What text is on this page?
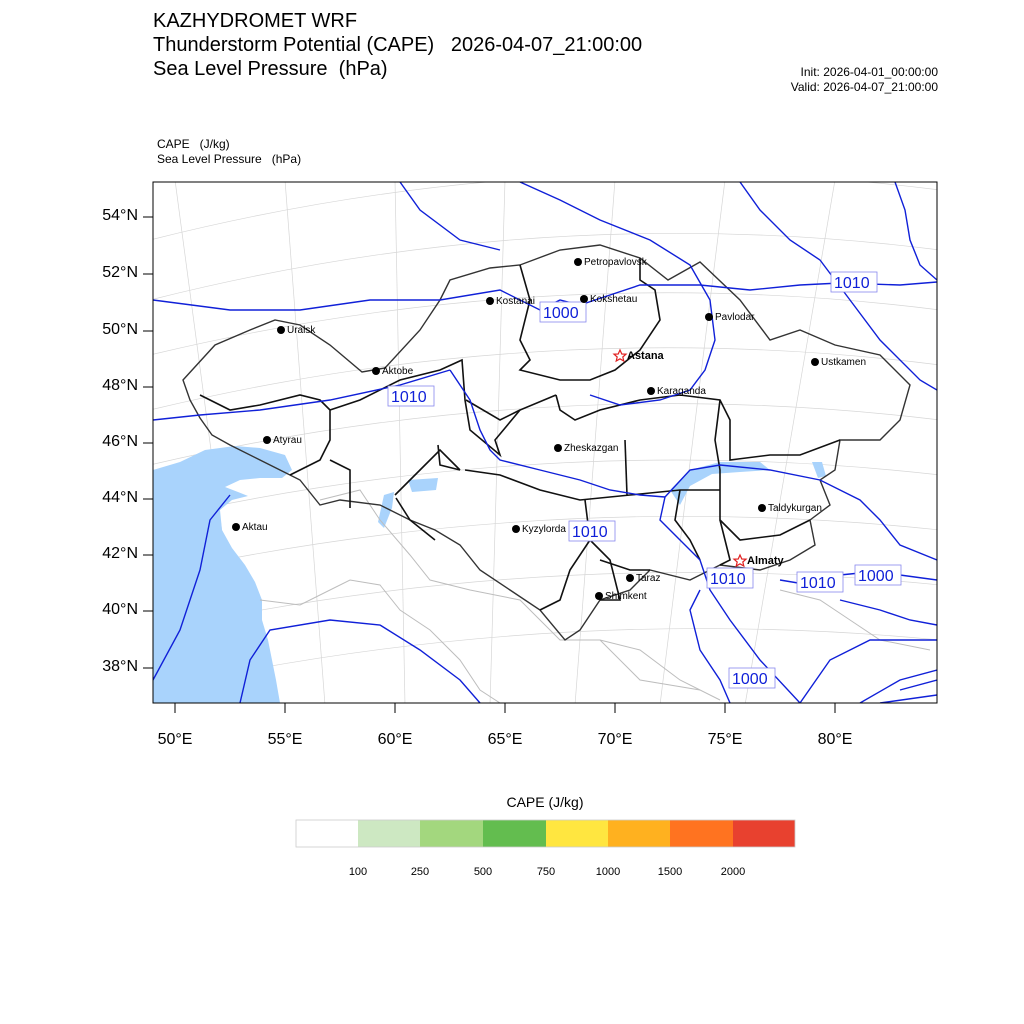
KAZHYDROMET WRF
Thunderstorm Potential (CAPE)   2026-04-07_21:00:00
Sea Level Pressure  (hPa)	Init: 2026-04-01_00:00:00
Valid: 2026-04-07_21:00:00
CAPE   (J/kg)
Sea Level Pressure   (hPa)
1000
1010
1010
1010
1010	1010 1000
1000
Petropavlovsk
Kostanai	Kokshetau
Pavlodar
Uralsk
Astana
Ustkamen
Aktobe
Karaganda
Atyrau
Zheskazgan
Taldykurgan
Aktau	Kyzylorda
Almaty
Taraz
Shimkent
54°N
52°N
50°N
48°N
46°N
44°N
42°N
40°N
38°N
50°E	55°E	60°E	65°E	70°E	75°E	80°E
CAPE (J/kg)
100	250	500	750	1000	1500	2000
